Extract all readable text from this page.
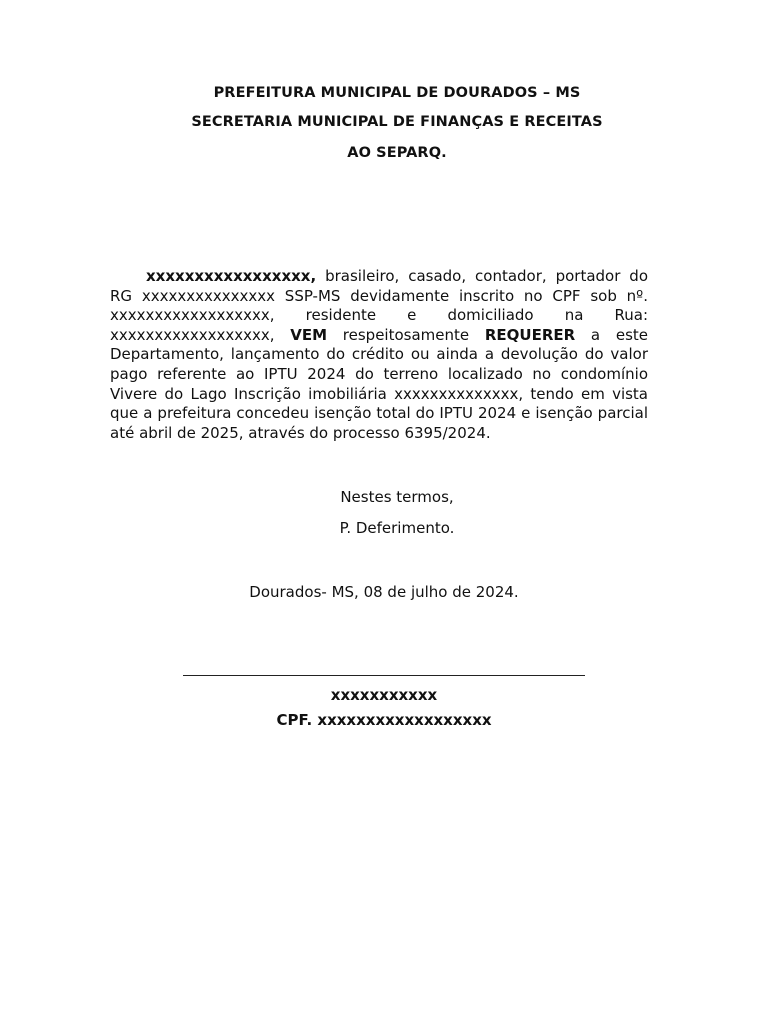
PREFEITURA MUNICIPAL DE DOURADOS – MS
SECRETARIA MUNICIPAL DE FINANÇAS E RECEITAS
AO SEPARQ.
xxxxxxxxxxxxxxxxx, brasileiro, casado, contador, portador do RG xxxxxxxxxxxxxxx SSP-MS devidamente inscrito no CPF sob nº. xxxxxxxxxxxxxxxxxx, residente e domiciliado na Rua: xxxxxxxxxxxxxxxxxx, VEM respeitosamente REQUERER a este Departamento, lançamento do crédito ou ainda a devolução do valor pago referente ao IPTU 2024 do terreno localizado no condomínio Vivere do Lago Inscrição imobiliária xxxxxxxxxxxxxx, tendo em vista que a prefeitura concedeu isenção total do IPTU 2024 e isenção parcial até abril de 2025, através do processo 6395/2024.
Nestes termos,
P. Deferimento.
Dourados- MS, 08 de julho de 2024.
xxxxxxxxxxx
CPF. xxxxxxxxxxxxxxxxxx
